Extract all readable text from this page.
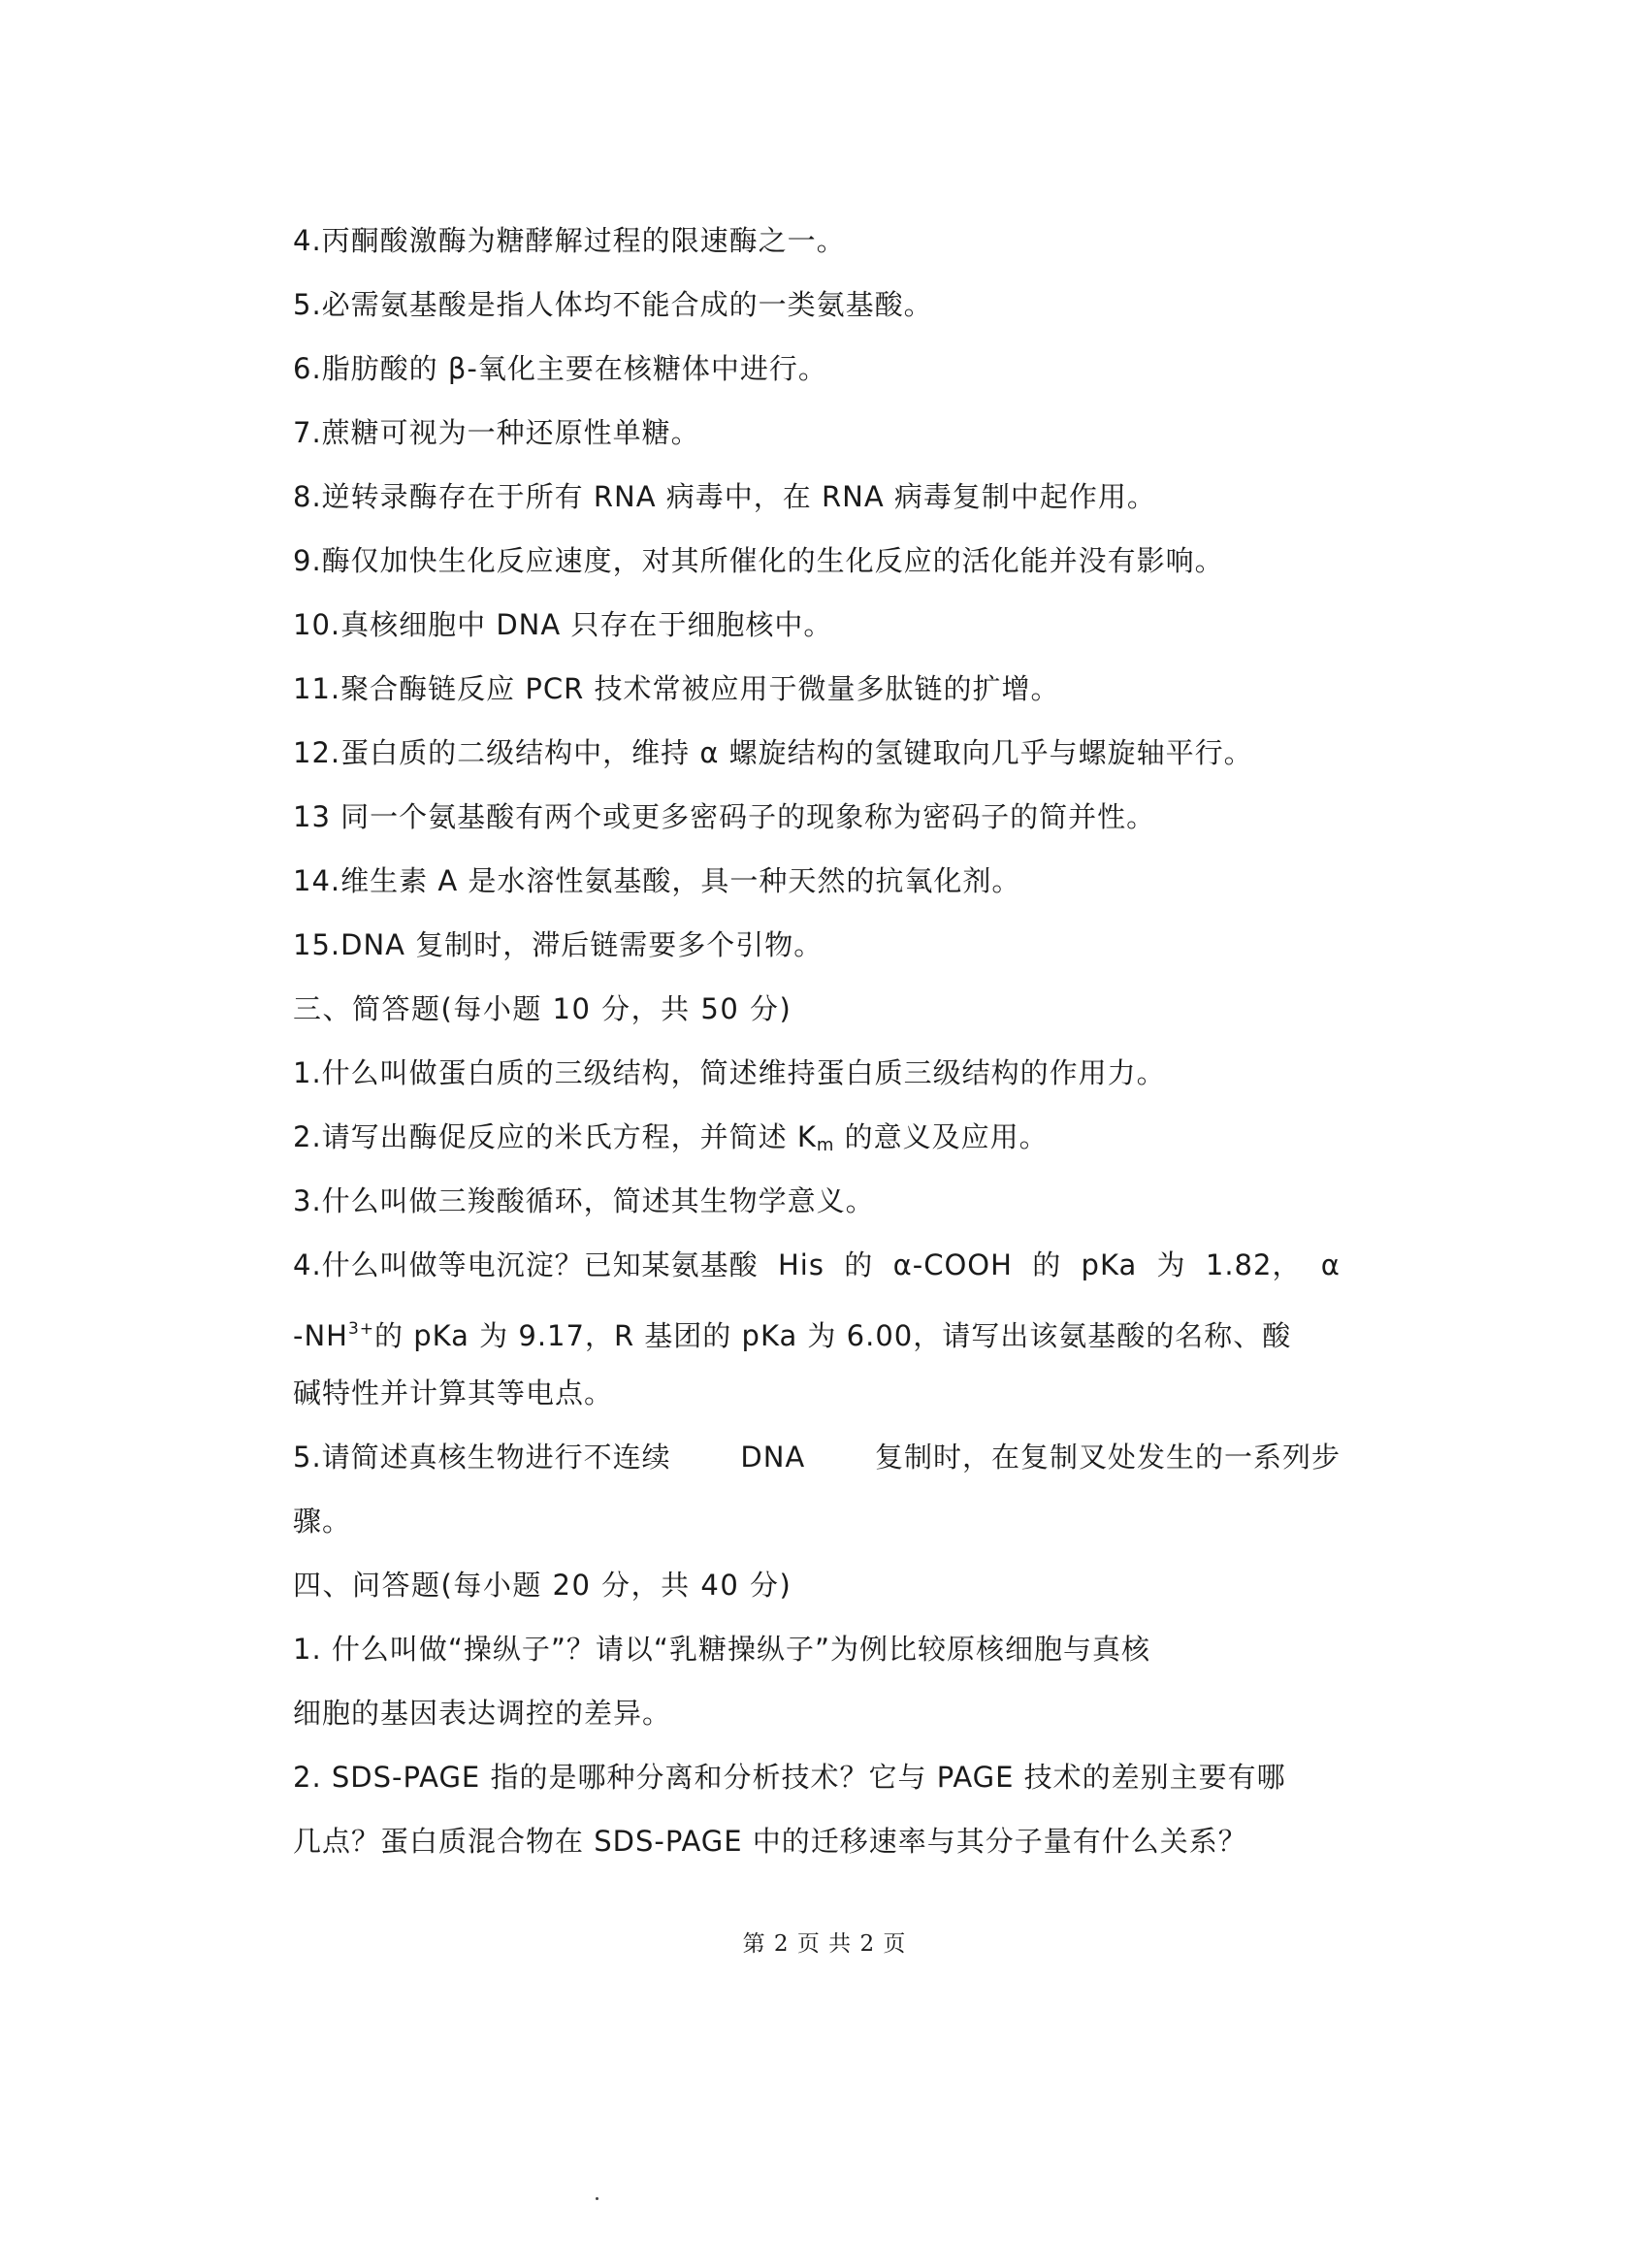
4.丙酮酸激酶为糖酵解过程的限速酶之一。
5.必需氨基酸是指人体均不能合成的一类氨基酸。
6.脂肪酸的 β-氧化主要在核糖体中进行。
7.蔗糖可视为一种还原性单糖。
8.逆转录酶存在于所有 RNA 病毒中，在 RNA 病毒复制中起作用。
9.酶仅加快生化反应速度，对其所催化的生化反应的活化能并没有影响。
10.真核细胞中 DNA 只存在于细胞核中。
11.聚合酶链反应 PCR 技术常被应用于微量多肽链的扩增。
12.蛋白质的二级结构中，维持 α 螺旋结构的氢键取向几乎与螺旋轴平行。
13 同一个氨基酸有两个或更多密码子的现象称为密码子的简并性。
14.维生素 A 是水溶性氨基酸，具一种天然的抗氧化剂。
15.DNA 复制时，滞后链需要多个引物。
三、简答题(每小题 10 分，共 50 分)
1.什么叫做蛋白质的三级结构，简述维持蛋白质三级结构的作用力。
2.请写出酶促反应的米氏方程，并简述 $K_m$ 的意义及应用。
3.什么叫做三羧酸循环，简述其生物学意义。
4.什么叫做等电沉淀？已知某氨基酸 His 的 α-COOH 的 pKa 为 1.82， α
$-NH^{3+}$的 pKa 为 9.17，R 基团的 pKa 为 6.00，请写出该氨基酸的名称、酸
碱特性并计算其等电点。
5.请简述真核生物进行不连续 DNA 复制时，在复制叉处发生的一系列步
骤。
四、问答题(每小题 20 分，共 40 分)
1. 什么叫做“操纵子”？请以“乳糖操纵子”为例比较原核细胞与真核
细胞的基因表达调控的差异。
2. SDS-PAGE 指的是哪种分离和分析技术？它与 PAGE 技术的差别主要有哪
几点？蛋白质混合物在 SDS-PAGE 中的迁移速率与其分子量有什么关系？
第 2 页 共 2 页
